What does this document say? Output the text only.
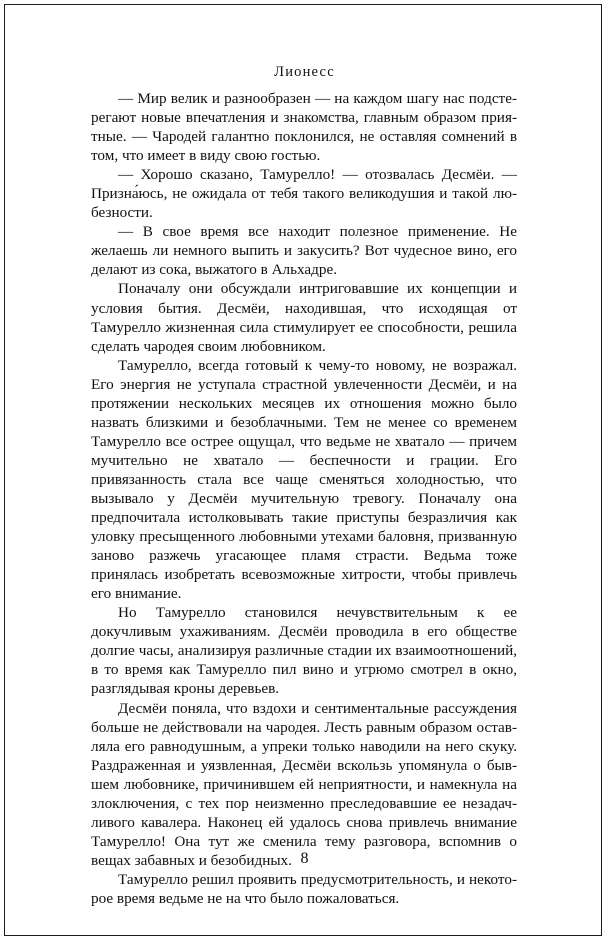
Лионесс

— Мир велик и разнообразен — на каждом шагу нас подстерегают новые впечатления и знакомства, главным образом приятные. — Чародей галантно поклонился, не оставляя сомнений в том, что имеет в виду свою гостью.

— Хорошо сказано, Тамурелло! — отозвалась Десмёи. — Призна́юсь, не ожидала от тебя такого великодушия и такой любезности.

— В свое время все находит полезное применение. Не желаешь ли немного выпить и закусить? Вот чудесное вино, его делают из сока, выжатого в Альхадре.

Поначалу они обсуждали интриговавшие их концепции и условия бытия. Десмёи, находившая, что исходящая от Тамурелло жизненная сила стимулирует ее способности, решила сделать чародея своим любовником.

Тамурелло, всегда готовый к чему-то новому, не возражал. Его энергия не уступала страстной увлеченности Десмёи, и на протяжении нескольких месяцев их отношения можно было назвать близкими и безоблачными. Тем не менее со временем Тамурелло все острее ощущал, что ведьме не хватало — причем мучительно не хватало — беспечности и грации. Его привязанность стала все чаще сменяться холодностью, что вызывало у Десмёи мучительную тревогу. Поначалу она предпочитала истолковывать такие приступы безразличия как уловку пресыщенного любовными утехами баловня, призванную заново разжечь угасающее пламя страсти. Ведьма тоже принялась изобретать всевозможные хитрости, чтобы привлечь его внимание.

Но Тамурелло становился нечувствительным к ее докучливым ухаживаниям. Десмёи проводила в его обществе долгие часы, анализируя различные стадии их взаимоотношений, в то время как Тамурелло пил вино и угрюмо смотрел в окно, разглядывая кроны деревьев.

Десмёи поняла, что вздохи и сентиментальные рассуждения больше не действовали на чародея. Лесть равным образом оставляла его равнодушным, а упреки только наводили на него скуку. Раздраженная и уязвленная, Десмёи вскользь упомянула о бывшем любовнике, причинившем ей неприятности, и намекнула на злоключения, с тех пор неизменно преследовавшие ее незадачливого кавалера. Наконец ей удалось снова привлечь внимание Тамурелло! Она тут же сменила тему разговора, вспомнив о вещах забавных и безобидных.

Тамурелло решил проявить предусмотрительность, и некоторое время ведьме не на что было пожаловаться.

8
